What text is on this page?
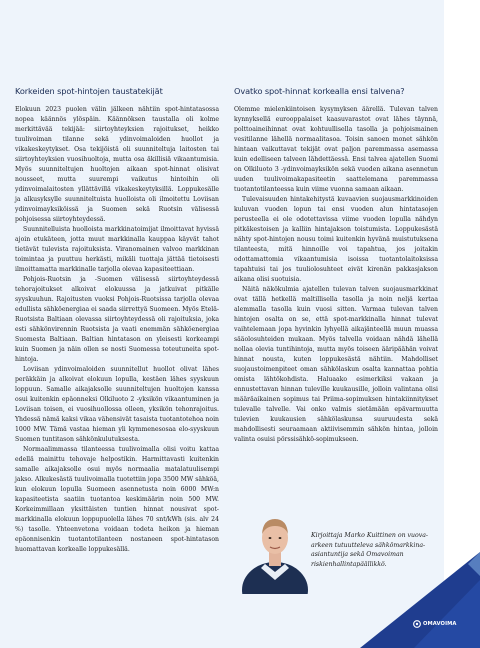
Korkeiden spot-hintojen taustatekijät

Elokuun 2023 puolen välin jälkeen nähtiin spot-hintatasossa nopea käännös ylöspäin. Käännöksen taustalla oli kolme merkittävää tekijää: siirtoyhteyksien rajoitukset, heikko tuulivoiman tilanne sekä ydinvoimaloiden huollot ja vikakeskeytykset. Osa tekijöistä oli suunniteltuja laitosten tai siirtoyhteyksien vuosihuoltoja, mutta osa äkillisiä vikaantumisia. Myös suunniteltujen huoltojen aikaan spot-hinnat olisivat nousseet, mutta suurempi vaikutus hintoihin oli ydinvoimalaitosten yllättävillä vikakeskeytyksillä. Loppukesälle ja alkusyksylle suunniteltuista huolloista oli ilmoitettu Loviisan ydinvoimayksiköissä ja Suomen sekä Ruotsin välisessä pohjoisessa siirtoyhteydessä.

Suunnitelluista huolloista markkinatoimijat ilmoittavat hyvissä ajoin etukäteen, jotta muut markkinalla kauppaa käyvät tahot tietävät tulevista rajoituksista. Viranomainen valvoo markkinan toimintaa ja puuttuu herkästi, mikäli tuottaja jättää tietoisesti ilmoittamatta markkinalle tarjolla olevaa kapasiteettiaan.

Pohjois-Ruotsin ja -Suomen välisessä siirtoyhteydessä tehorajoitukset alkoivat elokuussa ja jatkuivat pitkälle syyskuuhun. Rajoitusten vuoksi Pohjois-Ruotsissa tarjolla olevaa edullista sähköenergiaa ei saada siirrettyä Suomeen. Myös Etelä-Ruotsista Baltiaan olevassa siirtoyhteydessä oli rajoituksia, joka esti sähkönvirennin Ruotsista ja vaati enemmän sähköenergiaa Suomesta Baltiaan. Baltian hintatason on yleisesti korkeampi kuin Suomen ja näin ollen se nosti Suomessa toteutuneita spot-hintoja.

Loviisan ydinvoimaloiden suunnitellut huollot olivat lähes peräkkäin ja alkoivat elokuun lopulla, kestäen lähes syyskuun loppuun. Samalle aikajaksolle suunniteltujen huoltojen kanssa osui kuitenkin epäonneksi Olkiluoto 2 -yksikön vikaantuminen ja Loviisan toisen, ei vuosihuollossa olleen, yksikön tehonrajoitus. Yhdessä nämä kaksi vikaa vähensivät tasaista tuotantotehoa noin 1000 MW. Tämä vastaa hieman yli kymmenesosaa elo-syyskuun Suomen tuntitason sähkönkulutuksesta.

Normaalimmassa tilanteessa tuulivoimalla olisi voitu kattaa edellä mainittu tehovaje helpostikin. Harmittavasti kuitenkin samalle aikajaksolle osui myös normaalia matalatuulisempi jakso. Alkukesästä tuulivoimalla tuotettiin jopa 3500 MW sähköä, kun elokuun lopulla Suomeen asennetusta noin 6000 MW:n kapasiteetista saatiin tuotantoa keskimäärin noin 500 MW. Korkeimmillaan yksittäisten tuntien hinnat nousivat spot-markkinalla elokuun loppupuolella lähes 70 snt/kWh (sis. alv 24 %) tasolle. Yhteenvetona voidaan todeta heikon ja hieman epäonnisenkin tuotantotilanteen nostaneen spot-hintatason huomattavan korkealle loppukesällä.

Ovatko spot-hinnat korkealla ensi talvena?

Olemme mielenkiintoisen kysymyksen äärellä. Tulevan talven kynnyksellä eurooppalaiset kaasuvarastot ovat lähes täynnä, polttoaineihinnat ovat kohtuullisella tasolla ja pohjoismainen vesitilanne lähellä normaalitasoa. Toisin sanoen monet sähkön hintaan vaikuttavat tekijät ovat paljon paremmassa asemassa kuin edelliseen talveen lähdettäessä. Ensi talvea ajatellen Suomi on Olkiluoto 3 -ydinvoimayksikön sekä vuoden aikana asennetun uuden tuulivoimakapasiteetin saattelemana paremmassa tuotantotilanteessa kuin viime vuonna samaan aikaan.

Tulevaisuuden hintakehitystä kuvaavien suojausmarkkinoiden kuluvan vuoden lopun tai ensi vuoden alun hintatasojen perusteella ei ole odotettavissa viime vuoden lopulla nähdyn pitkäkestoisen ja kalliin hintajakson toistumista. Loppukesästä nähty spot-hintojen nousu toimi kuitenkin hyvänä muistutuksena tilanteesta, mitä hinnoille voi tapahtua, jos joitakin odottamattomia vikaantumisia isoissa tuotantolaitoksissa tapahtuisi tai jos tuuliolosuhteet eivät kirenän pakkasjakson aikana olisi suotuisia.

Näitä näkökulmia ajatellen tulevan talven suojausmarkkinat ovat tällä hetkellä maltillisella tasolla ja noin neljä kertaa alemmalla tasolla kuin vuosi sitten. Varmaa tulevan talven hintojen osalta on se, että spot-markkinalla hinnat tulevat vaihtelemaan jopa hyvinkin lyhyellä aikajänteellä muun muassa sääolosuhteiden mukaan. Myös talvella voidaan nähdä lähellä nollaa olevia tuntihintoja, mutta myös toiseen ääripäähän voivat hinnat nousta, kuten loppukesästä nähtiin. Mahdolliset suojaustoimenpiteet oman sähkölaskun osalta kannattaa pohtia omista lähtökohdista. Haluaako esimerkiksi vakaan ja ennustettavan hinnan tuleville kuukausille, jolloin valintana olisi määräaikainen sopimus tai Priima-sopimuksen hintakiinnitykset tulevalle talvelle. Vai onko valmis sietämään epävarmuutta tulevien kuukausien sähkölaskunsa suuruudesta sekä mahdollisesti seuraamaan aktiivisemmin sähkön hintaa, jolloin valinta osuisi pörssisähkö-sopimukseen.

Kirjoittaja Marko Kuittinen on vuova-arkeen tutuutteleva sähkömarkkina-asiantuntija sekä Omavoiman riskienhallintapäällikkö.

OMAVOIMA
